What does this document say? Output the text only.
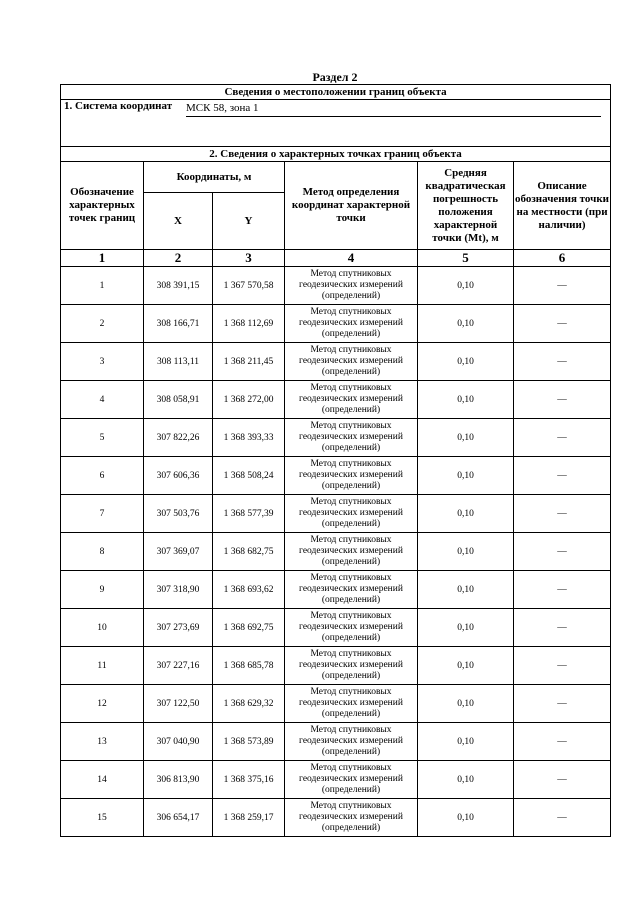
Раздел 2
Сведения о местоположении границ объекта					

1. Система координат МСК 58, зона 1					

2. Сведения о характерных точках границ объекта					
Обозначение характерных точек границ	Координаты, м		Метод определения координат характерной точки	Средняя квадратическая погрешность положения характерной точки (Mt), м	Описание обозначения точки на местности (при наличии)
	X	Y			
1	2	3	4	5	6
1	308 391,15	1 367 570,58	Метод спутниковых геодезических измерений (определений)	0,10	—
2	308 166,71	1 368 112,69	Метод спутниковых геодезических измерений (определений)	0,10	—
3	308 113,11	1 368 211,45	Метод спутниковых геодезических измерений (определений)	0,10	—
4	308 058,91	1 368 272,00	Метод спутниковых геодезических измерений (определений)	0,10	—
5	307 822,26	1 368 393,33	Метод спутниковых геодезических измерений (определений)	0,10	—
6	307 606,36	1 368 508,24	Метод спутниковых геодезических измерений (определений)	0,10	—
7	307 503,76	1 368 577,39	Метод спутниковых геодезических измерений (определений)	0,10	—
8	307 369,07	1 368 682,75	Метод спутниковых геодезических измерений (определений)	0,10	—
9	307 318,90	1 368 693,62	Метод спутниковых геодезических измерений (определений)	0,10	—
10	307 273,69	1 368 692,75	Метод спутниковых геодезических измерений (определений)	0,10	—
11	307 227,16	1 368 685,78	Метод спутниковых геодезических измерений (определений)	0,10	—
12	307 122,50	1 368 629,32	Метод спутниковых геодезических измерений (определений)	0,10	—
13	307 040,90	1 368 573,89	Метод спутниковых геодезических измерений (определений)	0,10	—
14	306 813,90	1 368 375,16	Метод спутниковых геодезических измерений (определений)	0,10	—
15	306 654,17	1 368 259,17	Метод спутниковых геодезических измерений (определений)	0,10	—
